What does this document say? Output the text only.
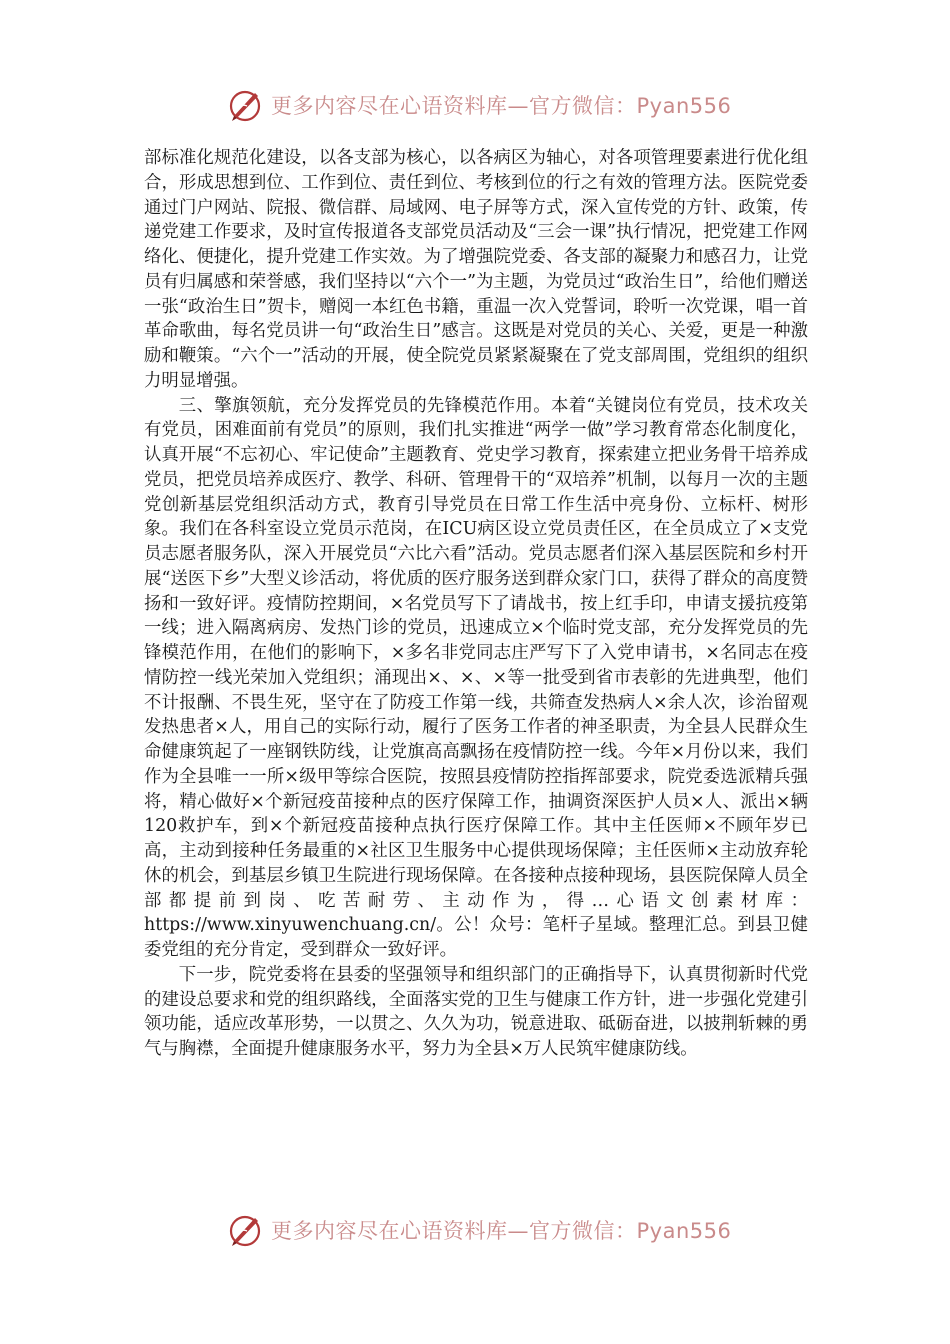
更多内容尽在心语资料库—官方微信：Pyan556

部标准化规范化建设，以各支部为核心，以各病区为轴心，对各项管理要素进行优化组合，形成思想到位、工作到位、责任到位、考核到位的行之有效的管理方法。医院党委通过门户网站、院报、微信群、局域网、电子屏等方式，深入宣传党的方针、政策，传递党建工作要求，及时宣传报道各支部党员活动及“三会一课”执行情况，把党建工作网络化、便捷化，提升党建工作实效。为了增强院党委、各支部的凝聚力和感召力，让党员有归属感和荣誉感，我们坚持以“六个一”为主题，为党员过“政治生日”，给他们赠送一张“政治生日”贺卡，赠阅一本红色书籍，重温一次入党誓词，聆听一次党课，唱一首革命歌曲，每名党员讲一句“政治生日”感言。这既是对党员的关心、关爱，更是一种激励和鞭策。“六个一”活动的开展，使全院党员紧紧凝聚在了党支部周围，党组织的组织力明显增强。

三、擎旗领航，充分发挥党员的先锋模范作用。本着“关键岗位有党员，技术攻关有党员，困难面前有党员”的原则，我们扎实推进“两学一做”学习教育常态化制度化，认真开展“不忘初心、牢记使命”主题教育、党史学习教育，探索建立把业务骨干培养成党员，把党员培养成医疗、教学、科研、管理骨干的“双培养”机制，以每月一次的主题党创新基层党组织活动方式，教育引导党员在日常工作生活中亮身份、立标杆、树形象。我们在各科室设立党员示范岗，在ICU病区设立党员责任区，在全员成立了×支党员志愿者服务队，深入开展党员“六比六看”活动。党员志愿者们深入基层医院和乡村开展“送医下乡”大型义诊活动，将优质的医疗服务送到群众家门口，获得了群众的高度赞扬和一致好评。疫情防控期间，×名党员写下了请战书，按上红手印，申请支援抗疫第一线；进入隔离病房、发热门诊的党员，迅速成立×个临时党支部，充分发挥党员的先锋模范作用，在他们的影响下，×多名非党同志庄严写下了入党申请书，×名同志在疫情防控一线光荣加入党组织；涌现出×、×、×等一批受到省市表彰的先进典型，他们不计报酬、不畏生死，坚守在了防疫工作第一线，共筛查发热病人×余人次，诊治留观发热患者×人，用自己的实际行动，履行了医务工作者的神圣职责，为全县人民群众生命健康筑起了一座钢铁防线，让党旗高高飘扬在疫情防控一线。今年×月份以来，我们作为全县唯一一所×级甲等综合医院，按照县疫情防控指挥部要求，院党委选派精兵强将，精心做好×个新冠疫苗接种点的医疗保障工作，抽调资深医护人员×人、派出×辆120救护车，到×个新冠疫苗接种点执行医疗保障工作。其中主任医师×不顾年岁已高，主动到接种任务最重的×社区卫生服务中心提供现场保障；主任医师×主动放弃轮休的机会，到基层乡镇卫生院进行现场保障。在各接种点接种现场，县医院保障人员全部都提前到岗、吃苦耐劳、主动作为，得…心语文创素材库：https://www.xinyuwenchuang.cn/。公！众号：笔杆子星域。整理汇总。到县卫健委党组的充分肯定，受到群众一致好评。

下一步，院党委将在县委的坚强领导和组织部门的正确指导下，认真贯彻新时代党的建设总要求和党的组织路线，全面落实党的卫生与健康工作方针，进一步强化党建引领功能，适应改革形势，一以贯之、久久为功，锐意进取、砥砺奋进，以披荆斩棘的勇气与胸襟，全面提升健康服务水平，努力为全县×万人民筑牢健康防线。

更多内容尽在心语资料库—官方微信：Pyan556
